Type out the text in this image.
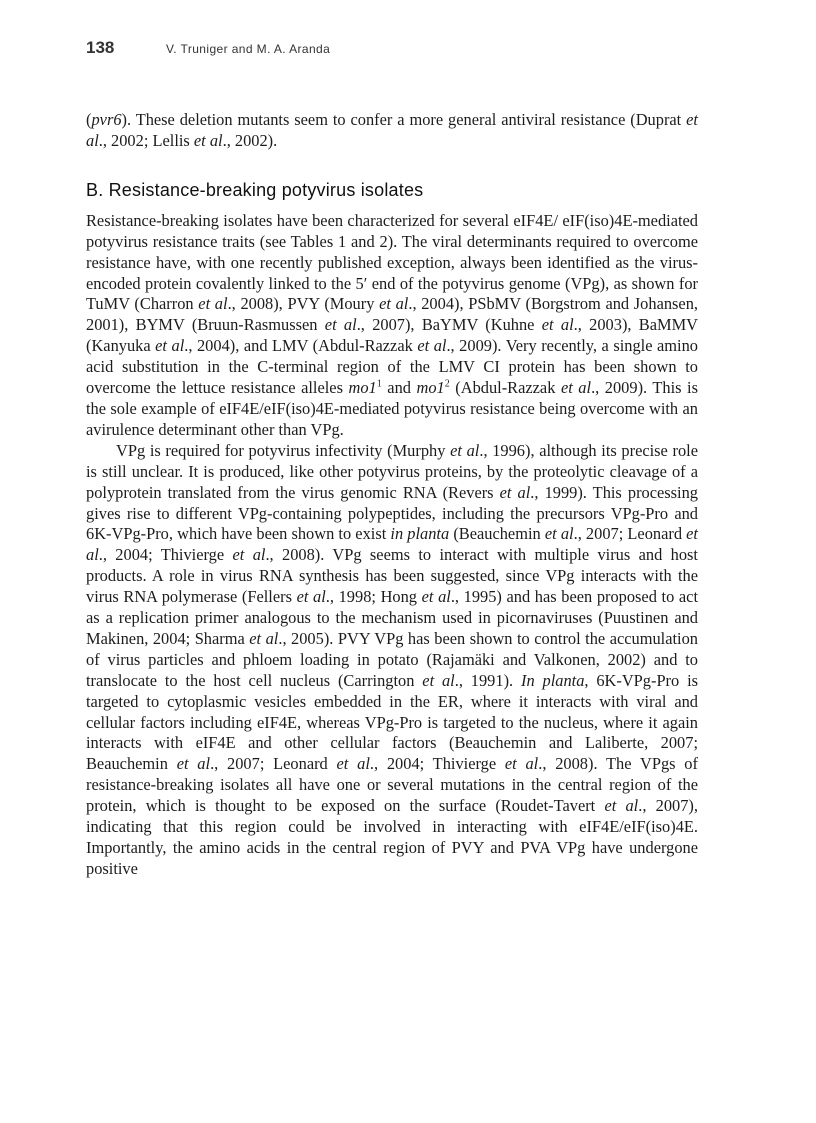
138	V. Truniger and M. A. Aranda

(pvr6). These deletion mutants seem to confer a more general antiviral resistance (Duprat et al., 2002; Lellis et al., 2002).

B. Resistance-breaking potyvirus isolates

Resistance-breaking isolates have been characterized for several eIF4E/ eIF(iso)4E-mediated potyvirus resistance traits (see Tables 1 and 2). The viral determinants required to overcome resistance have, with one recently published exception, always been identified as the virus-encoded protein covalently linked to the 5′ end of the potyvirus genome (VPg), as shown for TuMV (Charron et al., 2008), PVY (Moury et al., 2004), PSbMV (Borgstrom and Johansen, 2001), BYMV (Bruun-Rasmussen et al., 2007), BaYMV (Kuhne et al., 2003), BaMMV (Kanyuka et al., 2004), and LMV (Abdul-Razzak et al., 2009). Very recently, a single amino acid substitution in the C-terminal region of the LMV CI protein has been shown to overcome the lettuce resistance alleles $mo1^1$ and $mo1^2$ (Abdul-Razzak et al., 2009). This is the sole example of eIF4E/eIF(iso)4E-mediated potyvirus resistance being overcome with an avirulence determinant other than VPg.

VPg is required for potyvirus infectivity (Murphy et al., 1996), although its precise role is still unclear. It is produced, like other potyvirus proteins, by the proteolytic cleavage of a polyprotein translated from the virus genomic RNA (Revers et al., 1999). This processing gives rise to different VPg-containing polypeptides, including the precursors VPg-Pro and 6K-VPg-Pro, which have been shown to exist in planta (Beauchemin et al., 2007; Leonard et al., 2004; Thivierge et al., 2008). VPg seems to interact with multiple virus and host products. A role in virus RNA synthesis has been suggested, since VPg interacts with the virus RNA polymerase (Fellers et al., 1998; Hong et al., 1995) and has been proposed to act as a replication primer analogous to the mechanism used in picornaviruses (Puustinen and Makinen, 2004; Sharma et al., 2005). PVY VPg has been shown to control the accumulation of virus particles and phloem loading in potato (Rajamäki and Valkonen, 2002) and to translocate to the host cell nucleus (Carrington et al., 1991). In planta, 6K-VPg-Pro is targeted to cytoplasmic vesicles embedded in the ER, where it interacts with viral and cellular factors including eIF4E, whereas VPg-Pro is targeted to the nucleus, where it again interacts with eIF4E and other cellular factors (Beauchemin and Laliberte, 2007; Beauchemin et al., 2007; Leonard et al., 2004; Thivierge et al., 2008). The VPgs of resistance-breaking isolates all have one or several mutations in the central region of the protein, which is thought to be exposed on the surface (Roudet-Tavert et al., 2007), indicating that this region could be involved in interacting with eIF4E/eIF(iso)4E. Importantly, the amino acids in the central region of PVY and PVA VPg have undergone positive
